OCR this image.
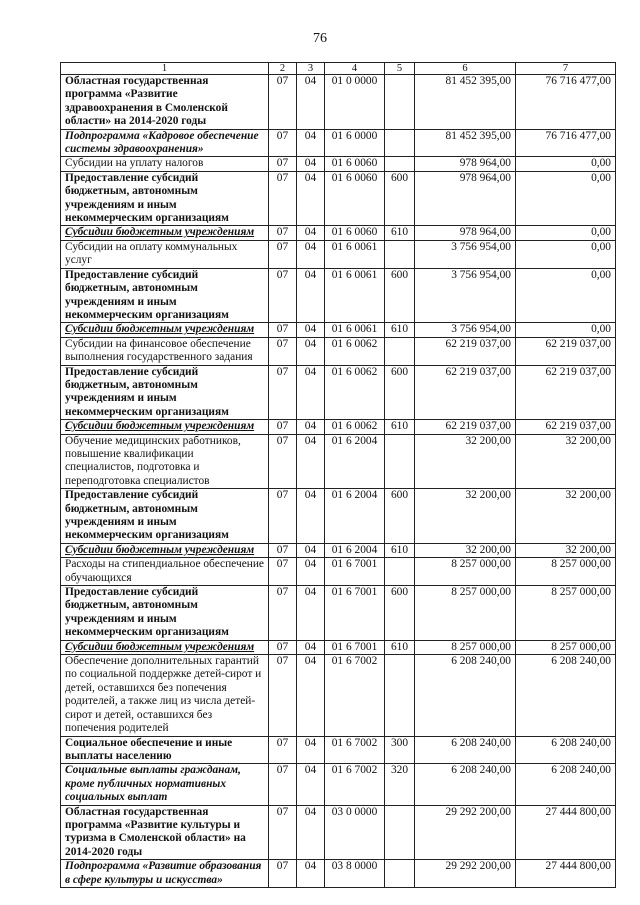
76
1	2	3	4	5	6	7
Областная государственная программа «Развитие здравоохранения в Смоленской области» на 2014-2020 годы	07	04	01 0 0000		81 452 395,00	76 716 477,00
Подпрограмма «Кадровое обеспечение системы здравоохранения»	07	04	01 6 0000		81 452 395,00	76 716 477,00
Субсидии на уплату налогов	07	04	01 6 0060		978 964,00	0,00
Предоставление субсидий бюджетным, автономным учреждениям и иным некоммерческим организациям	07	04	01 6 0060	600	978 964,00	0,00
Субсидии бюджетным учреждениям	07	04	01 6 0060	610	978 964,00	0,00
Субсидии на оплату коммунальных услуг	07	04	01 6 0061		3 756 954,00	0,00
Предоставление субсидий бюджетным, автономным учреждениям и иным некоммерческим организациям	07	04	01 6 0061	600	3 756 954,00	0,00
Субсидии бюджетным учреждениям	07	04	01 6 0061	610	3 756 954,00	0,00
Субсидии на финансовое обеспечение выполнения государственного задания	07	04	01 6 0062		62 219 037,00	62 219 037,00
Предоставление субсидий бюджетным, автономным учреждениям и иным некоммерческим организациям	07	04	01 6 0062	600	62 219 037,00	62 219 037,00
Субсидии бюджетным учреждениям	07	04	01 6 0062	610	62 219 037,00	62 219 037,00
Обучение медицинских работников, повышение квалификации специалистов, подготовка и переподготовка специалистов	07	04	01 6 2004		32 200,00	32 200,00
Предоставление субсидий бюджетным, автономным учреждениям и иным некоммерческим организациям	07	04	01 6 2004	600	32 200,00	32 200,00
Субсидии бюджетным учреждениям	07	04	01 6 2004	610	32 200,00	32 200,00
Расходы на стипендиальное обеспечение обучающихся	07	04	01 6 7001		8 257 000,00	8 257 000,00
Предоставление субсидий бюджетным, автономным учреждениям и иным некоммерческим организациям	07	04	01 6 7001	600	8 257 000,00	8 257 000,00
Субсидии бюджетным учреждениям	07	04	01 6 7001	610	8 257 000,00	8 257 000,00
Обеспечение дополнительных гарантий по социальной поддержке детей-сирот и детей, оставшихся без попечения родителей, а также лиц из числа детей-сирот и детей, оставшихся без попечения родителей	07	04	01 6 7002		6 208 240,00	6 208 240,00
Социальное обеспечение и иные выплаты населению	07	04	01 6 7002	300	6 208 240,00	6 208 240,00
Социальные выплаты гражданам, кроме публичных нормативных социальных выплат	07	04	01 6 7002	320	6 208 240,00	6 208 240,00
Областная государственная программа «Развитие культуры и туризма в Смоленской области» на 2014-2020 годы	07	04	03 0 0000		29 292 200,00	27 444 800,00
Подпрограмма «Развитие образования в сфере культуры и искусства»	07	04	03 8 0000		29 292 200,00	27 444 800,00
